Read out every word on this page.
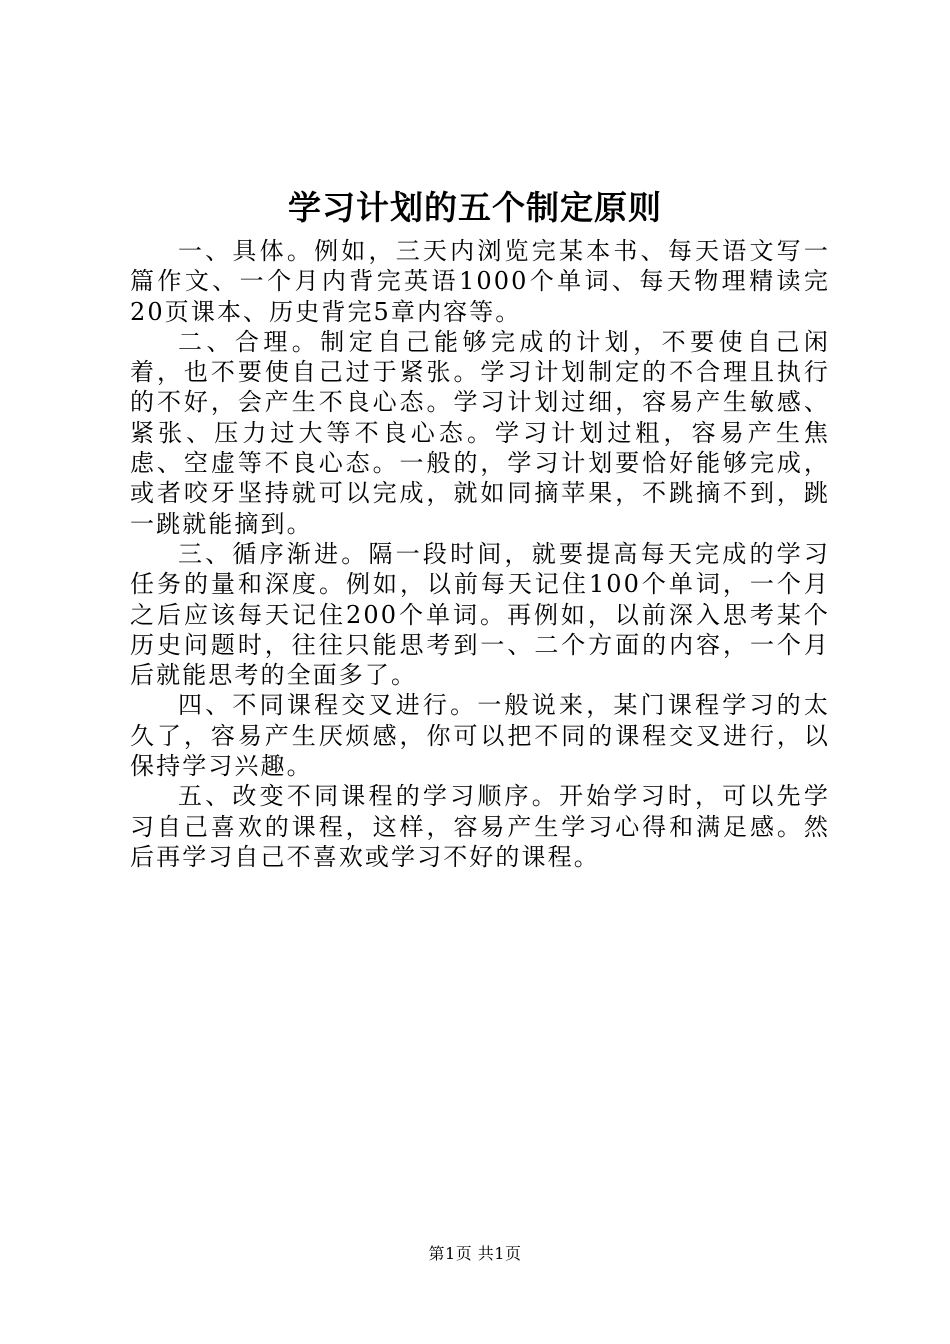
学习计划的五个制定原则

一、具体。例如，三天内浏览完某本书、每天语文写一篇作文、一个月内背完英语1000个单词、每天物理精读完20页课本、历史背完5章内容等。

二、合理。制定自己能够完成的计划，不要使自己闲着，也不要使自己过于紧张。学习计划制定的不合理且执行的不好，会产生不良心态。学习计划过细，容易产生敏感、紧张、压力过大等不良心态。学习计划过粗，容易产生焦虑、空虚等不良心态。一般的，学习计划要恰好能够完成，或者咬牙坚持就可以完成，就如同摘苹果，不跳摘不到，跳一跳就能摘到。

三、循序渐进。隔一段时间，就要提高每天完成的学习任务的量和深度。例如，以前每天记住100个单词，一个月之后应该每天记住200个单词。再例如，以前深入思考某个历史问题时，往往只能思考到一、二个方面的内容，一个月后就能思考的全面多了。

四、不同课程交叉进行。一般说来，某门课程学习的太久了，容易产生厌烦感，你可以把不同的课程交叉进行，以保持学习兴趣。

五、改变不同课程的学习顺序。开始学习时，可以先学习自己喜欢的课程，这样，容易产生学习心得和满足感。然后再学习自己不喜欢或学习不好的课程。

第1页 共1页
